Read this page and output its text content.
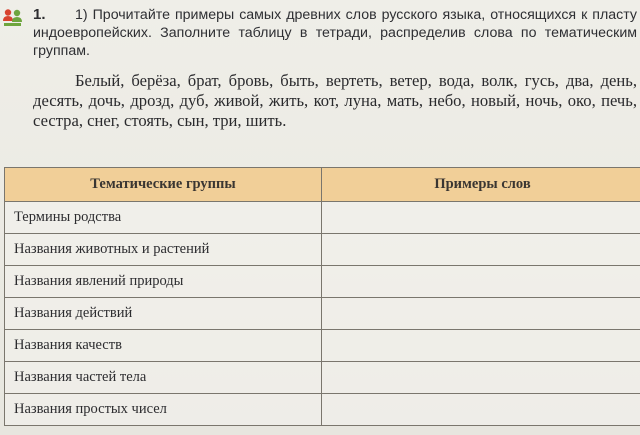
1.	1) Прочитайте примеры самых древних слов русского языка, относящихся к пласту индоевропейских. Заполните таблицу в тетради, распределив слова по тематическим группам.

Белый, берёза, брат, бровь, быть, вертеть, ветер, вода, волк, гусь, два, день, десять, дочь, дрозд, дуб, живой, жить, кот, луна, мать, небо, новый, ночь, око, печь, сестра, снег, стоять, сын, три, шить.

Тематические группы	Примеры слов
Термины родства	
Названия животных и растений	
Названия явлений природы	
Названия действий	
Названия качеств	
Названия частей тела	
Названия простых чисел	
